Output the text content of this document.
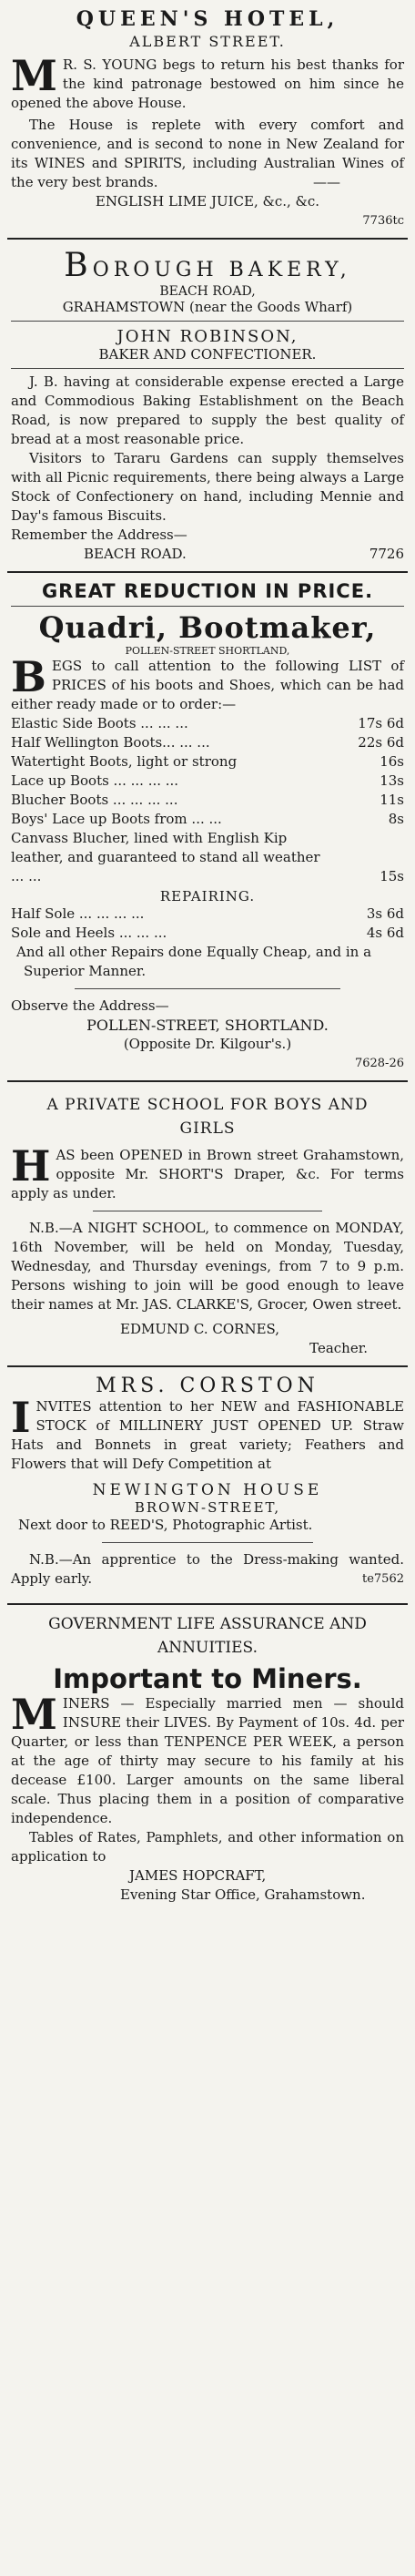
QUEEN'S HOTEL,
ALBERT STREET.

M R. S. YOUNG begs to return his best thanks for the kind patronage bestowed on him since he opened the above House.

The House is replete with every comfort and convenience, and is second to none in New Zealand for its WINES and SPIRITS, including Australian Wines of the very best brands.	——

ENGLISH LIME JUICE, &c., &c.

7736tc

BOROUGH BAKERY,
BEACH ROAD,
GRAHAMSTOWN (near the Goods Wharf)
JOHN ROBINSON,
BAKER AND CONFECTIONER.

J. B. having at considerable expense erected a Large and Commodious Baking Establishment on the Beach Road, is now prepared to supply the best quality of bread at a most reasonable price.

Visitors to Tararu Gardens can supply themselves with all Picnic requirements, there being always a Large Stock of Confectionery on hand, including Mennie and Day's famous Biscuits.

Remember the Address—

BEACH ROAD.	7726

GREAT REDUCTION IN PRICE.
Quadri, Bootmaker,
POLLEN-STREET SHORTLAND,

BEGS to call attention to the following LIST of PRICES of his boots and Shoes, which can be had either ready made or to order:—

Elastic Side Boots ... ... ...	17s 6d
Half Wellington Boots... ... ...	22s 6d
Watertight Boots, light or strong	16s
Lace up Boots ... ... ... ...	13s
Blucher Boots ... ... ... ...	11s
Boys' Lace up Boots from ... ...	8s
Canvass Blucher, lined with English Kip leather, and guaranteed to stand all weather ... ...	15s
REPAIRING.
Half Sole ... ... ... ...	3s 6d
Sole and Heels ... ... ...	4s 6d

And all other Repairs done Equally Cheap, and in a Superior Manner.

Observe the Address—

POLLEN-STREET, SHORTLAND.

(Opposite Dr. Kilgour's.)

7628-26

A PRIVATE SCHOOL FOR BOYS AND GIRLS

HAS been OPENED in Brown street Grahamstown, opposite Mr. SHORT'S Draper, &c. For terms apply as under.

N.B.—A NIGHT SCHOOL, to commence on MONDAY, 16th November, will be held on Monday, Tuesday, Wednesday, and Thursday evenings, from 7 to 9 p.m. Persons wishing to join will be good enough to leave their names at Mr. JAS. CLARKE'S, Grocer, Owen street.

EDMUND C. CORNES,

Teacher.

MRS. CORSTON

INVITES attention to her NEW and FASHIONABLE STOCK of MILLINERY JUST OPENED UP. Straw Hats and Bonnets in great variety; Feathers and Flowers that will Defy Competition at

NEWINGTON HOUSE
BROWN-STREET,

Next door to REED'S, Photographic Artist.

N.B.—An apprentice to the Dress-making wanted. Apply early.	te7562

GOVERNMENT LIFE ASSURANCE AND ANNUITIES.
Important to Miners.

MINERS — Especially married men — should INSURE their LIVES. By Payment of 10s. 4d. per Quarter, or less than TENPENCE PER WEEK, a person at the age of thirty may secure to his family at his decease £100. Larger amounts on the same liberal scale. Thus placing them in a position of comparative independence.

Tables of Rates, Pamphlets, and other information on application to

JAMES HOPCRAFT,

Evening Star Office, Grahamstown.
